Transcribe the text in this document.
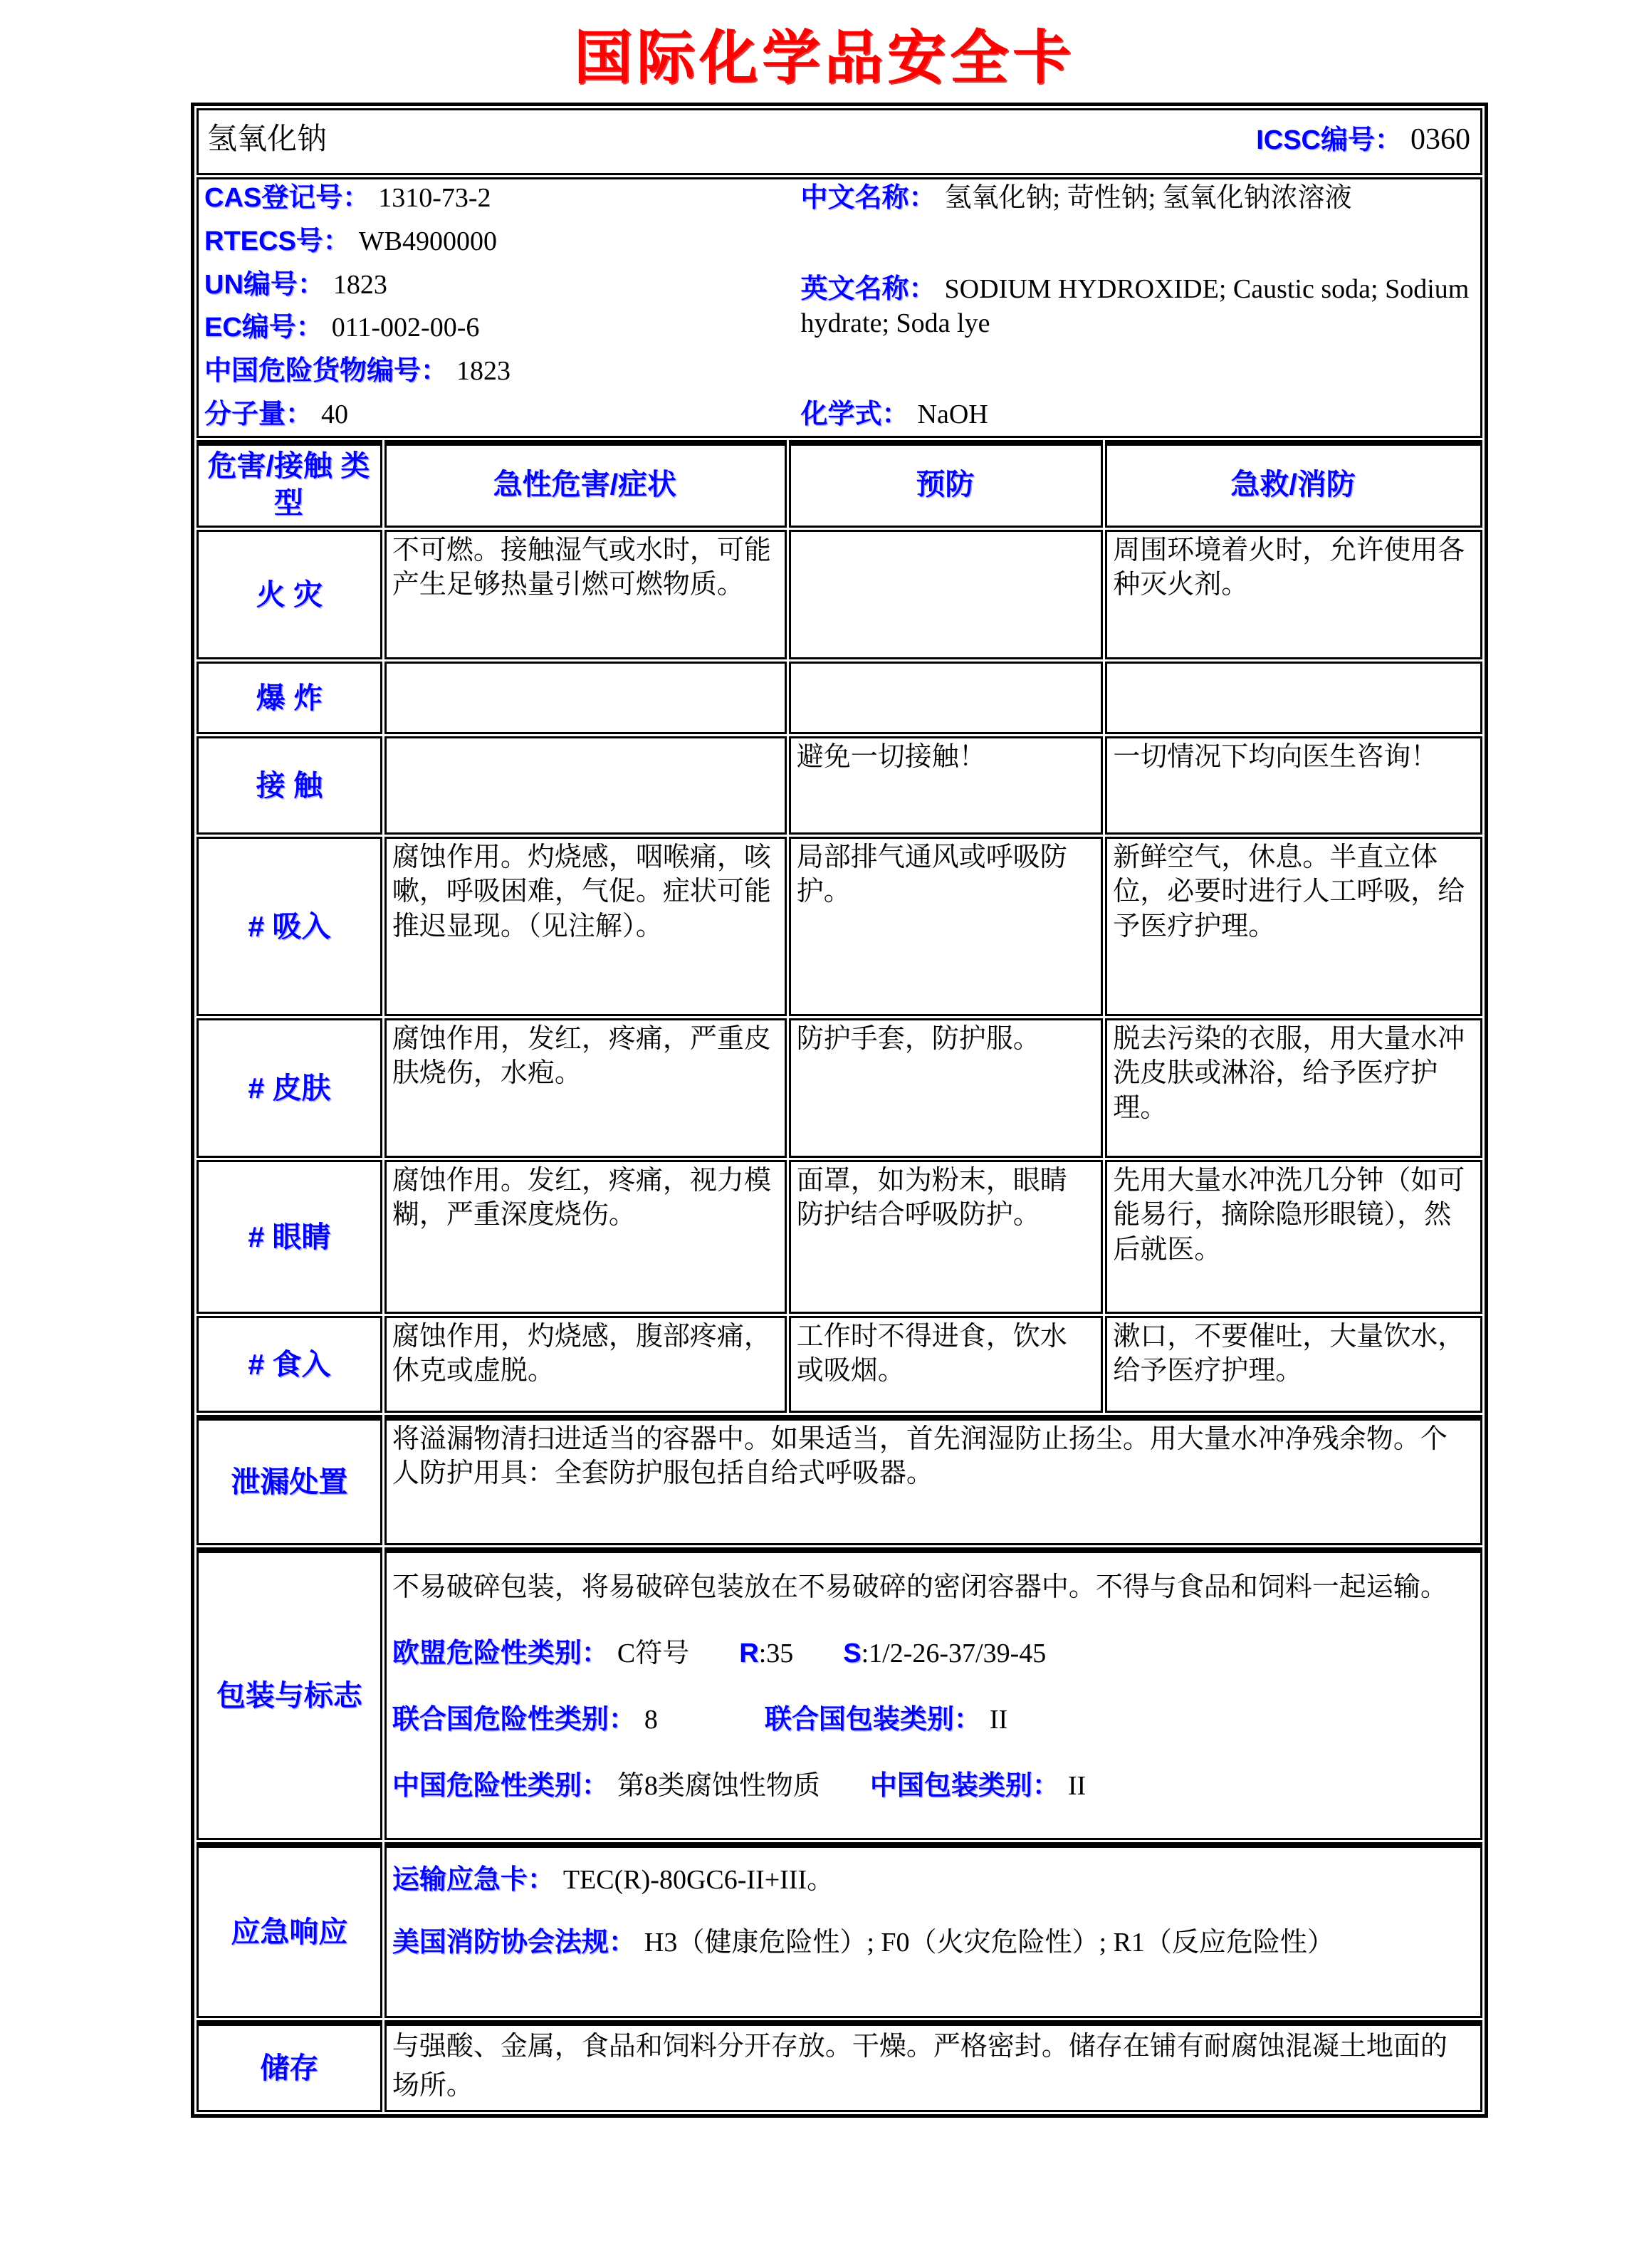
国际化学品安全卡
氢氧化钠 ICSC编号： 0360			

CAS登记号： 1310-73-2
RTECS号： WB4900000
UN编号： 1823
EC编号： 011-002-00-6
中国危险货物编号： 1823
分子量： 40
中文名称： 氢氧化钠; 苛性钠; 氢氧化钠浓溶液
英文名称： SODIUM HYDROXIDE; Caustic soda; Sodium hydrate; Soda lye
化学式： NaOH

危害/接触 类型	急性危害/症状	预防	急救/消防
火 灾	不可燃。接触湿气或水时，可能产生足够热量引燃可燃物质。		周围环境着火时，允许使用各种灭火剂。
爆 炸			
接 触		避免一切接触！	一切情况下均向医生咨询！
# 吸入	腐蚀作用。灼烧感，咽喉痛，咳嗽，呼吸困难，气促。症状可能推迟显现。（见注解）。	局部排气通风或呼吸防护。	新鲜空气，休息。半直立体位，必要时进行人工呼吸，给予医疗护理。
# 皮肤	腐蚀作用，发红，疼痛，严重皮肤烧伤，水疱。	防护手套，防护服。	脱去污染的衣服，用大量水冲洗皮肤或淋浴，给予医疗护理。
# 眼睛	腐蚀作用。发红，疼痛，视力模糊，严重深度烧伤。	面罩，如为粉末，眼睛防护结合呼吸防护。	先用大量水冲洗几分钟（如可能易行，摘除隐形眼镜），然后就医。
# 食入	腐蚀作用，灼烧感，腹部疼痛，休克或虚脱。	工作时不得进食，饮水或吸烟。	漱口，不要催吐，大量饮水，给予医疗护理。
泄漏处置	将溢漏物清扫进适当的容器中。如果适当，首先润湿防止扬尘。用大量水冲净残余物。个人防护用具：全套防护服包括自给式呼吸器。		
包装与标志	不易破碎包装，将易破碎包装放在不易破碎的密闭容器中。不得与食品和饲料一起运输。
欧盟危险性类别： C符号 R:35 S:1/2-26-37/39-45
联合国危险性类别： 8 联合国包装类别： II
中国危险性类别： 第8类腐蚀性物质 中国包装类别： II		

应急响应	运输应急卡： TEC(R)-80GC6-II+III。
美国消防协会法规： H3（健康危险性）; F0（火灾危险性）; R1（反应危险性）		

储存	与强酸、金属，食品和饲料分开存放。干燥。严格密封。储存在铺有耐腐蚀混凝土地面的场所。		
